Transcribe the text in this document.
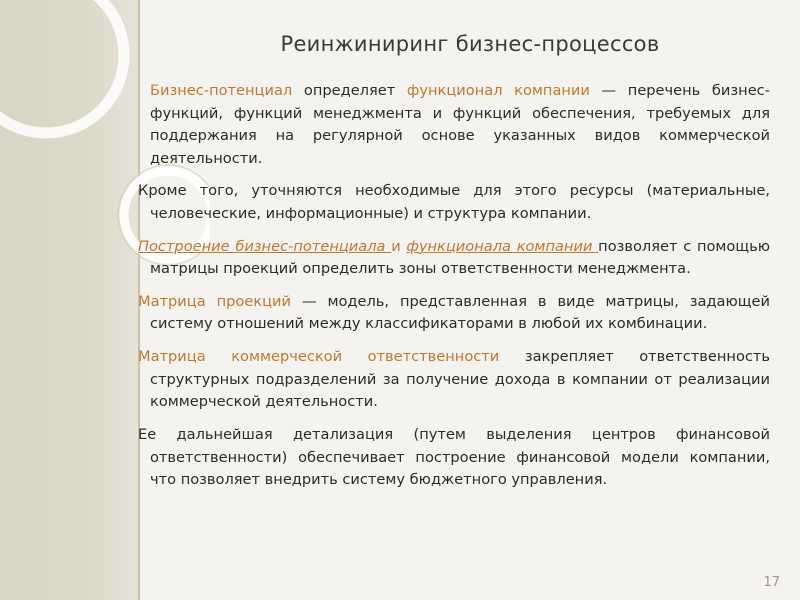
Реинжиниринг бизнес-процессов

Бизнес-потенциал определяет функционал компании — перечень бизнес-функций, функций менеджмента и функций обеспечения, требуемых для поддержания на регулярной основе указанных видов коммерческой деятельности.

Кроме того, уточняются необходимые для этого ресурсы (материальные, человеческие, информационные) и структура компании.

Построение бизнес-потенциала и функционала компании позволяет с помощью матрицы проекций определить зоны ответственности менеджмента.

Матрица проекций — модель, представленная в виде матрицы, задающей систему отношений между классификаторами в любой их комбинации.

Матрица коммерческой ответственности закрепляет ответственность структурных подразделений за получение дохода в компании от реализации коммерческой деятельности.

Ее дальнейшая детализация (путем выделения центров финансовой ответственности) обеспечивает построение финансовой модели компании, что позволяет внедрить систему бюджетного управления.

17
